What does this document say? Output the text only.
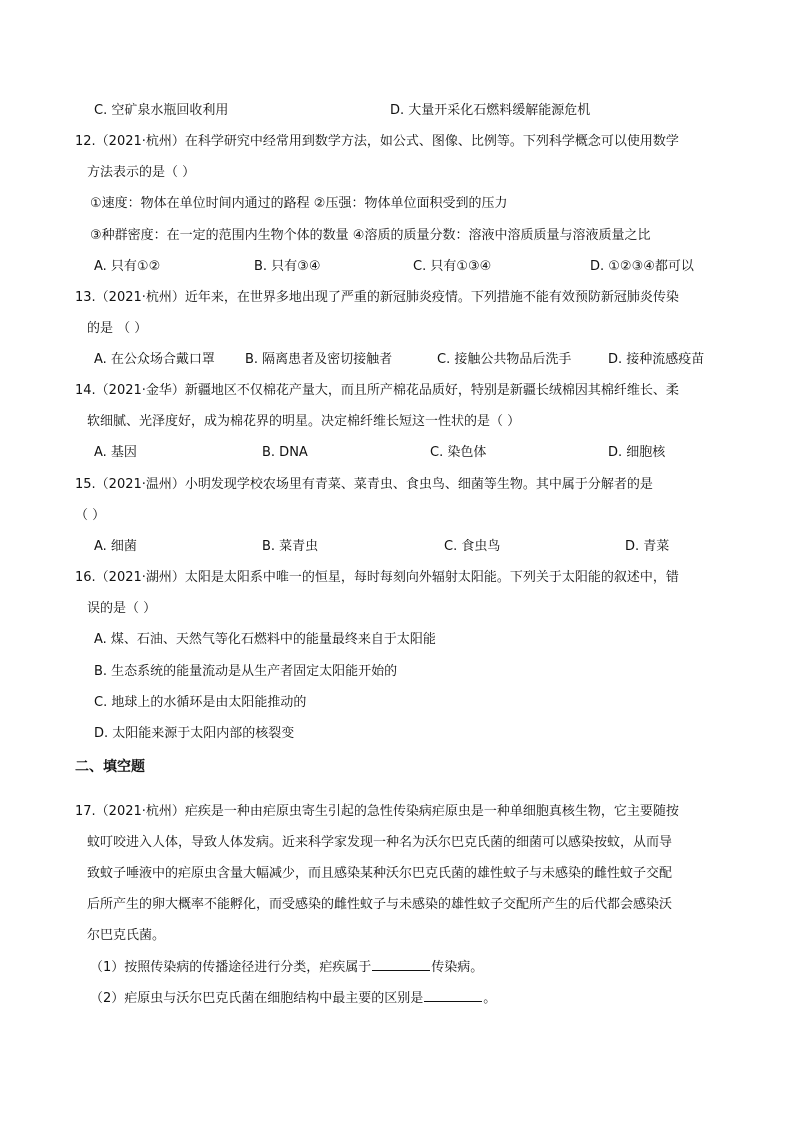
C. 空矿泉水瓶回收利用	D. 大量开采化石燃料缓解能源危机
12.（2021·杭州）在科学研究中经常用到数学方法，如公式、图像、比例等。下列科学概念可以使用数学
方法表示的是（ ）
①速度：物体在单位时间内通过的路程 ②压强：物体单位面积受到的压力
③种群密度：在一定的范围内生物个体的数量 ④溶质的质量分数：溶液中溶质质量与溶液质量之比
A. 只有①②	B. 只有③④	C. 只有①③④	D. ①②③④都可以
13.（2021·杭州）近年来，在世界多地出现了严重的新冠肺炎疫情。下列措施不能有效预防新冠肺炎传染
的是 （ ）
A. 在公众场合戴口罩 B. 隔离患者及密切接触者	C. 接触公共物品后洗手	D. 接种流感疫苗
14.（2021·金华）新疆地区不仅棉花产量大，而且所产棉花品质好，特别是新疆长绒棉因其棉纤维长、柔
软细腻、光泽度好，成为棉花界的明星。决定棉纤维长短这一性状的是（ ）
A. 基因	B. DNA	C. 染色体	D. 细胞核
15.（2021·温州）小明发现学校农场里有青菜、菜青虫、食虫鸟、细菌等生物。其中属于分解者的是
（ ）
A. 细菌	B. 菜青虫	C. 食虫鸟	D. 青菜
16.（2021·湖州）太阳是太阳系中唯一的恒星，每时每刻向外辐射太阳能。下列关于太阳能的叙述中，错
误的是（ ）
A. 煤、石油、天然气等化石燃料中的能量最终来自于太阳能
B. 生态系统的能量流动是从生产者固定太阳能开始的
C. 地球上的水循环是由太阳能推动的
D. 太阳能来源于太阳内部的核裂变
二、填空题
17.（2021·杭州）疟疾是一种由疟原虫寄生引起的急性传染病疟原虫是一种单细胞真核生物，它主要随按
蚊叮咬进入人体，导致人体发病。近来科学家发现一种名为沃尔巴克氏菌的细菌可以感染按蚊，从而导
致蚊子唾液中的疟原虫含量大幅减少，而且感染某种沃尔巴克氏菌的雄性蚊子与未感染的雌性蚊子交配
后所产生的卵大概率不能孵化，而受感染的雌性蚊子与未感染的雄性蚊子交配所产生的后代都会感染沃
尔巴克氏菌。
（1）按照传染病的传播途径进行分类，疟疾属于	传染病。
（2）疟原虫与沃尔巴克氏菌在细胞结构中最主要的区别是	。
